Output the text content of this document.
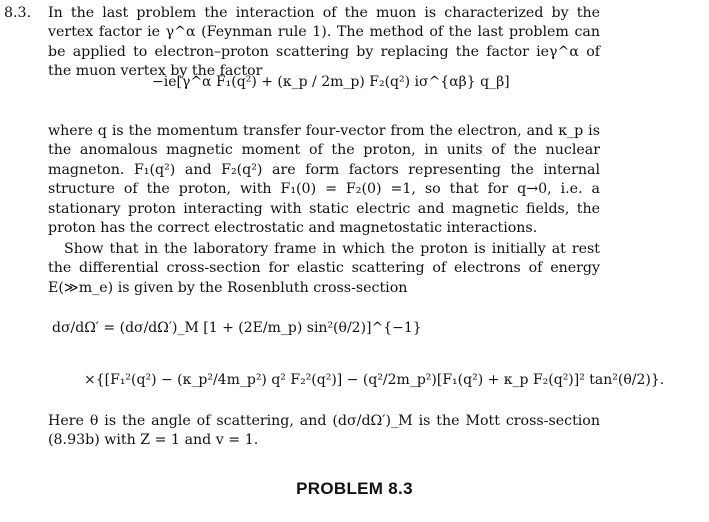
8.3. In the last problem the interaction of the muon is characterized by the vertex factor ie γ^α (Feynman rule 1). The method of the last problem can be applied to electron–proton scattering by replacing the factor ieγ^α of the muon vertex by the factor
−ie[γ^α F₁(q²) + (κ_p / 2m_p) F₂(q²) iσ^{αβ} q_β]
where q is the momentum transfer four-vector from the electron, and κ_p is the anomalous magnetic moment of the proton, in units of the nuclear magneton. F₁(q²) and F₂(q²) are form factors representing the internal structure of the proton, with F₁(0) = F₂(0) =1, so that for q→0, i.e. a stationary proton interacting with static electric and magnetic fields, the proton has the correct electrostatic and magnetostatic interactions.
Show that in the laboratory frame in which the proton is initially at rest the differential cross-section for elastic scattering of electrons of energy E(≫m_e) is given by the Rosenbluth cross-section
dσ/dΩ′ = (dσ/dΩ′)_M [1 + (2E/m_p) sin²(θ/2)]^{−1}
×{[F₁²(q²) − (κ_p²/4m_p²) q² F₂²(q²)] − (q²/2m_p²)[F₁(q²) + κ_p F₂(q²)]² tan²(θ/2)}.
Here θ is the angle of scattering, and (dσ/dΩ′)_M is the Mott cross-section (8.93b) with Z = 1 and v = 1.
PROBLEM 8.3
